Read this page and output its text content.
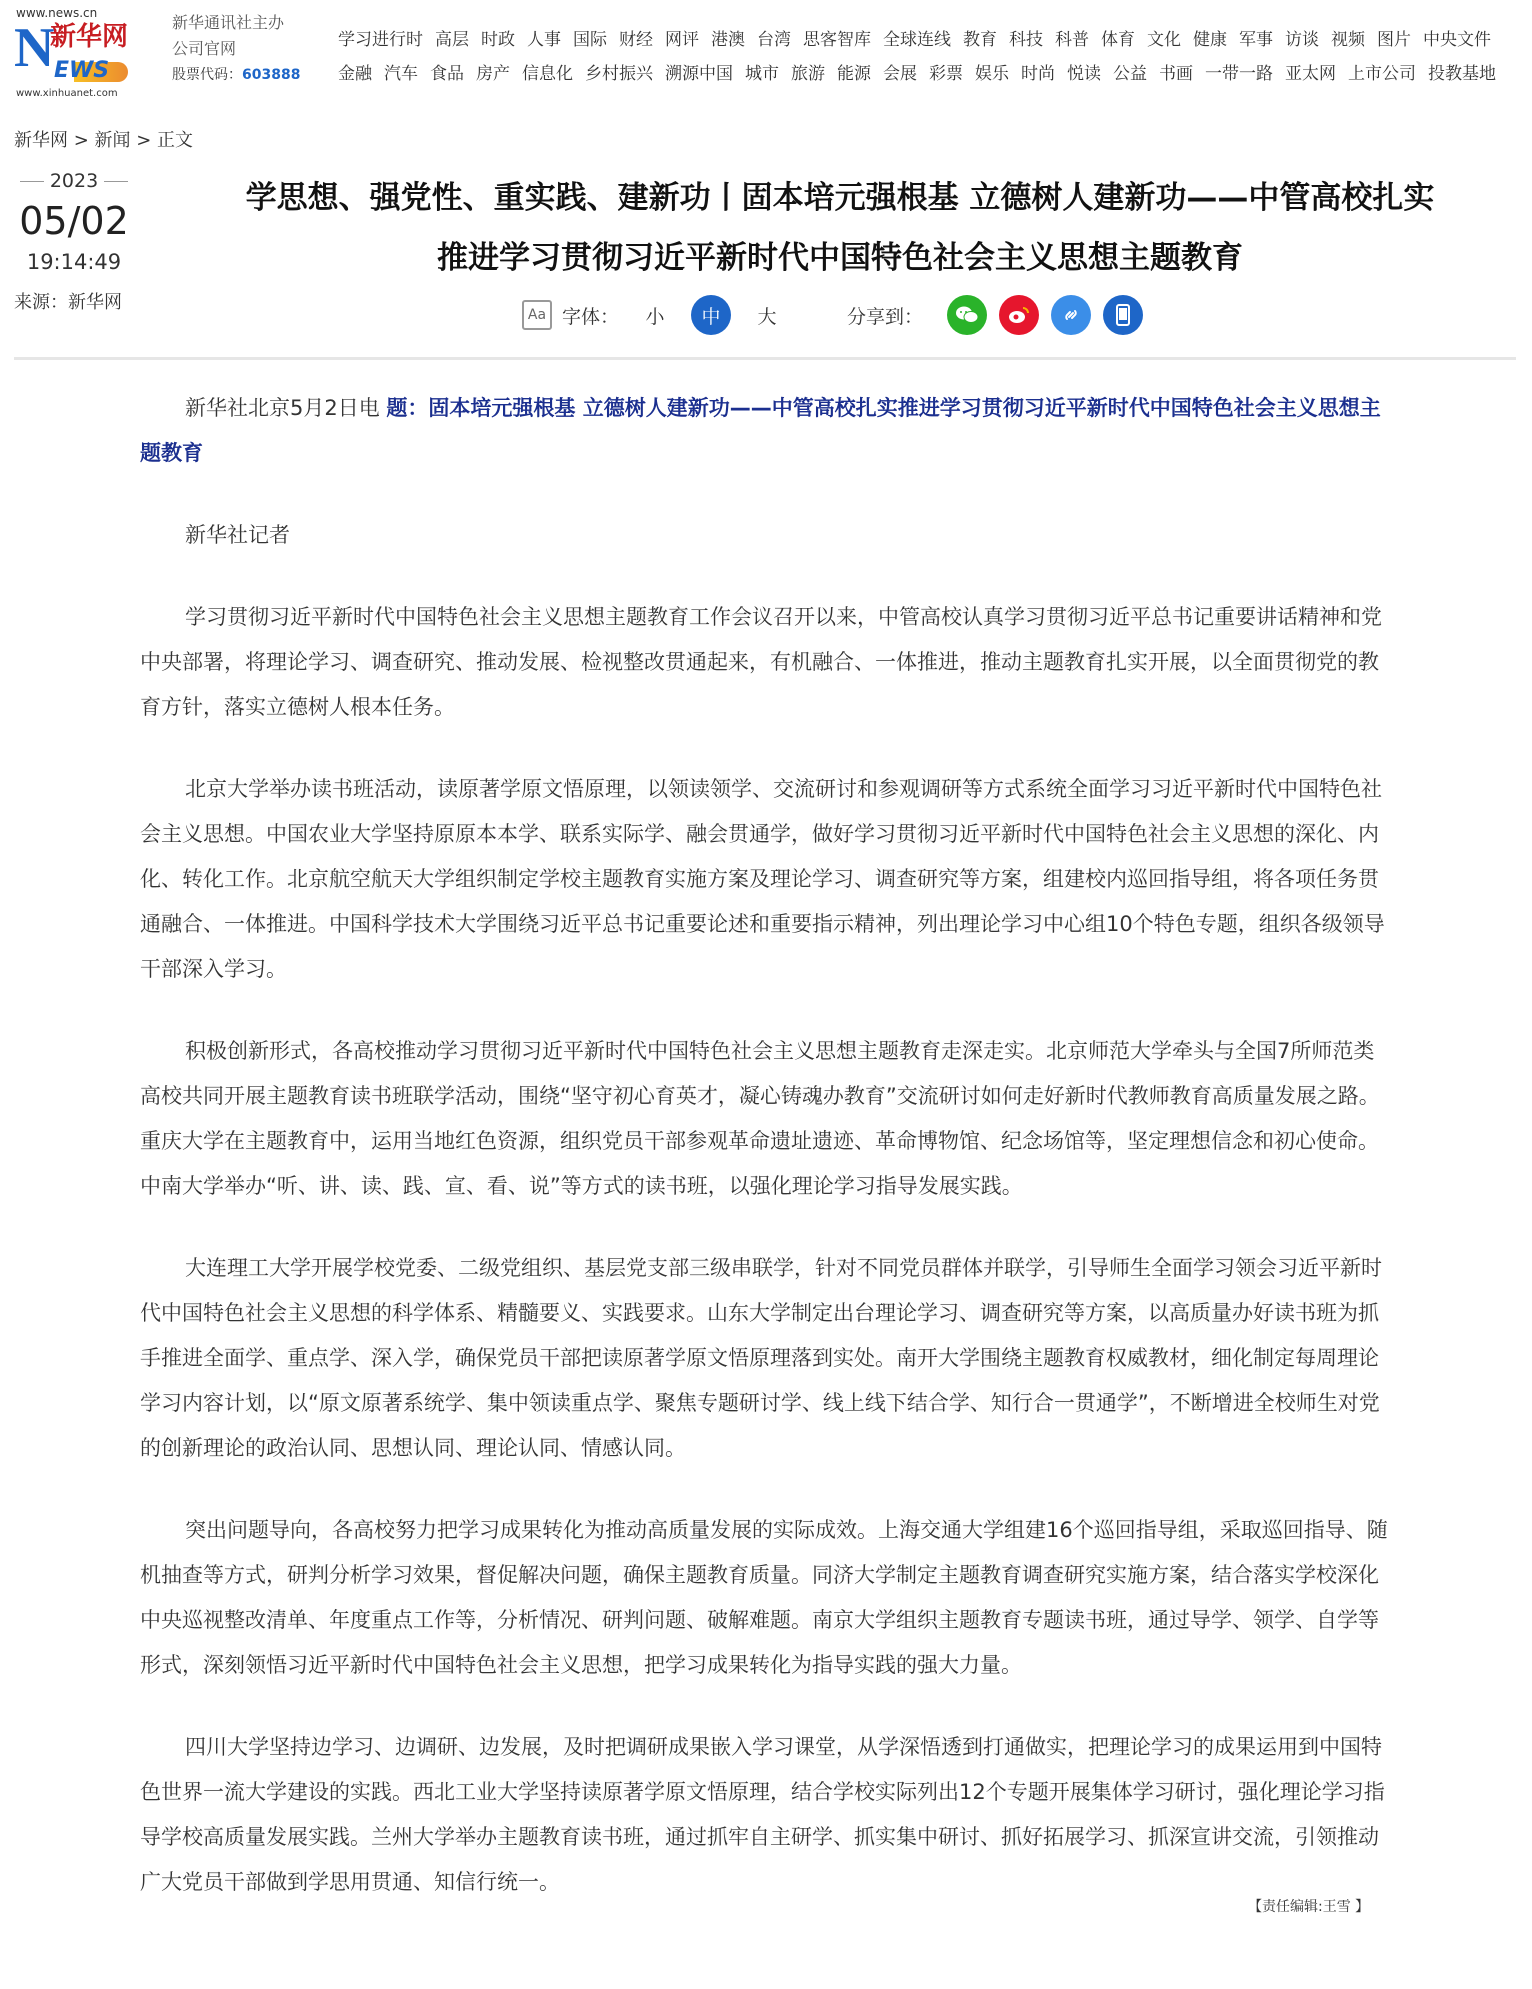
www.news.cn
N
新华网
EWS
www.xinhuanet.com
新华通讯社主办
公司官网
股票代码：603888
学习进行时 高层 时政 人事 国际 财经 网评 港澳 台湾 思客智库 全球连线 教育 科技 科普 体育 文化 健康 军事 访谈 视频 图片 中央文件
金融 汽车 食品 房产 信息化 乡村振兴 溯源中国 城市 旅游 能源 会展 彩票 娱乐 时尚 悦读 公益 书画 一带一路 亚太网 上市公司 投教基地
新华网 > 新闻 > 正文
2023
05/02
19:14:49
来源：新华网
学思想、强党性、重实践、建新功丨固本培元强根基 立德树人建新功——中管高校扎实
推进学习贯彻习近平新时代中国特色社会主义思想主题教育
Aa 字体：	小	中	大	分享到：

新华社北京5月2日电 题：固本培元强根基 立德树人建新功——中管高校扎实推进学习贯彻习近平新时代中国特色社会主义思想主题教育

新华社记者

学习贯彻习近平新时代中国特色社会主义思想主题教育工作会议召开以来，中管高校认真学习贯彻习近平总书记重要讲话精神和党中央部署，将理论学习、调查研究、推动发展、检视整改贯通起来，有机融合、一体推进，推动主题教育扎实开展，以全面贯彻党的教育方针，落实立德树人根本任务。

北京大学举办读书班活动，读原著学原文悟原理，以领读领学、交流研讨和参观调研等方式系统全面学习习近平新时代中国特色社会主义思想。中国农业大学坚持原原本本学、联系实际学、融会贯通学，做好学习贯彻习近平新时代中国特色社会主义思想的深化、内化、转化工作。北京航空航天大学组织制定学校主题教育实施方案及理论学习、调查研究等方案，组建校内巡回指导组，将各项任务贯通融合、一体推进。中国科学技术大学围绕习近平总书记重要论述和重要指示精神，列出理论学习中心组10个特色专题，组织各级领导干部深入学习。

积极创新形式，各高校推动学习贯彻习近平新时代中国特色社会主义思想主题教育走深走实。北京师范大学牵头与全国7所师范类高校共同开展主题教育读书班联学活动，围绕“坚守初心育英才，凝心铸魂办教育”交流研讨如何走好新时代教师教育高质量发展之路。重庆大学在主题教育中，运用当地红色资源，组织党员干部参观革命遗址遗迹、革命博物馆、纪念场馆等，坚定理想信念和初心使命。中南大学举办“听、讲、读、践、宣、看、说”等方式的读书班，以强化理论学习指导发展实践。

大连理工大学开展学校党委、二级党组织、基层党支部三级串联学，针对不同党员群体并联学，引导师生全面学习领会习近平新时代中国特色社会主义思想的科学体系、精髓要义、实践要求。山东大学制定出台理论学习、调查研究等方案，以高质量办好读书班为抓手推进全面学、重点学、深入学，确保党员干部把读原著学原文悟原理落到实处。南开大学围绕主题教育权威教材，细化制定每周理论学习内容计划，以“原文原著系统学、集中领读重点学、聚焦专题研讨学、线上线下结合学、知行合一贯通学”，不断增进全校师生对党的创新理论的政治认同、思想认同、理论认同、情感认同。

突出问题导向，各高校努力把学习成果转化为推动高质量发展的实际成效。上海交通大学组建16个巡回指导组，采取巡回指导、随机抽查等方式，研判分析学习效果，督促解决问题，确保主题教育质量。同济大学制定主题教育调查研究实施方案，结合落实学校深化中央巡视整改清单、年度重点工作等，分析情况、研判问题、破解难题。南京大学组织主题教育专题读书班，通过导学、领学、自学等形式，深刻领悟习近平新时代中国特色社会主义思想，把学习成果转化为指导实践的强大力量。

四川大学坚持边学习、边调研、边发展，及时把调研成果嵌入学习课堂，从学深悟透到打通做实，把理论学习的成果运用到中国特色世界一流大学建设的实践。西北工业大学坚持读原著学原文悟原理，结合学校实际列出12个专题开展集体学习研讨，强化理论学习指导学校高质量发展实践。兰州大学举办主题教育读书班，通过抓牢自主研学、抓实集中研讨、抓好拓展学习、抓深宣讲交流，引领推动广大党员干部做到学思用贯通、知信行统一。

【责任编辑:王雪 】
